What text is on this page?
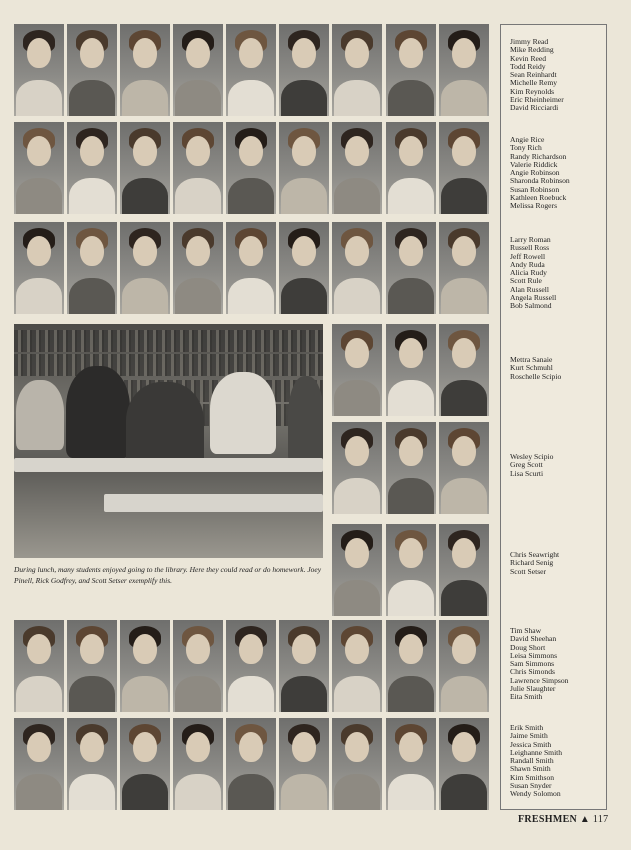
During lunch, many students enjoyed going to the library. Here they could read or do homework. Joey Pinell, Rick Godfrey, and Scott Setser exemplify this.

Jimmy Read
Mike Redding
Kevin Reed
Todd Reidy
Sean Reinhardt
Michelle Remy
Kim Reynolds
Eric Rheinheimer
David Ricciardi
Angie Rice
Tony Rich
Randy Richardson
Valerie Riddick
Angie Robinson
Sharonda Robinson
Susan Robinson
Kathleen Roebuck
Melissa Rogers
Larry Roman
Russell Ross
Jeff Rowell
Andy Ruda
Alicia Rudy
Scott Rule
Alan Russell
Angela Russell
Bob Salmond
Mettra Sanaie
Kurt Schmuhl
Roschelle Scipio
Wesley Scipio
Greg Scott
Lisa Scurti
Chris Seawright
Richard Senig
Scott Setser
Tim Shaw
David Sheehan
Doug Short
Leisa Simmons
Sam Simmons
Chris Simonds
Lawrence Simpson
Julie Slaughter
Eita Smith
Erik Smith
Jaime Smith
Jessica Smith
Leighanne Smith
Randall Smith
Shawn Smith
Kim Smithson
Susan Snyder
Wendy Solomon

FRESHMEN ▲ 117
